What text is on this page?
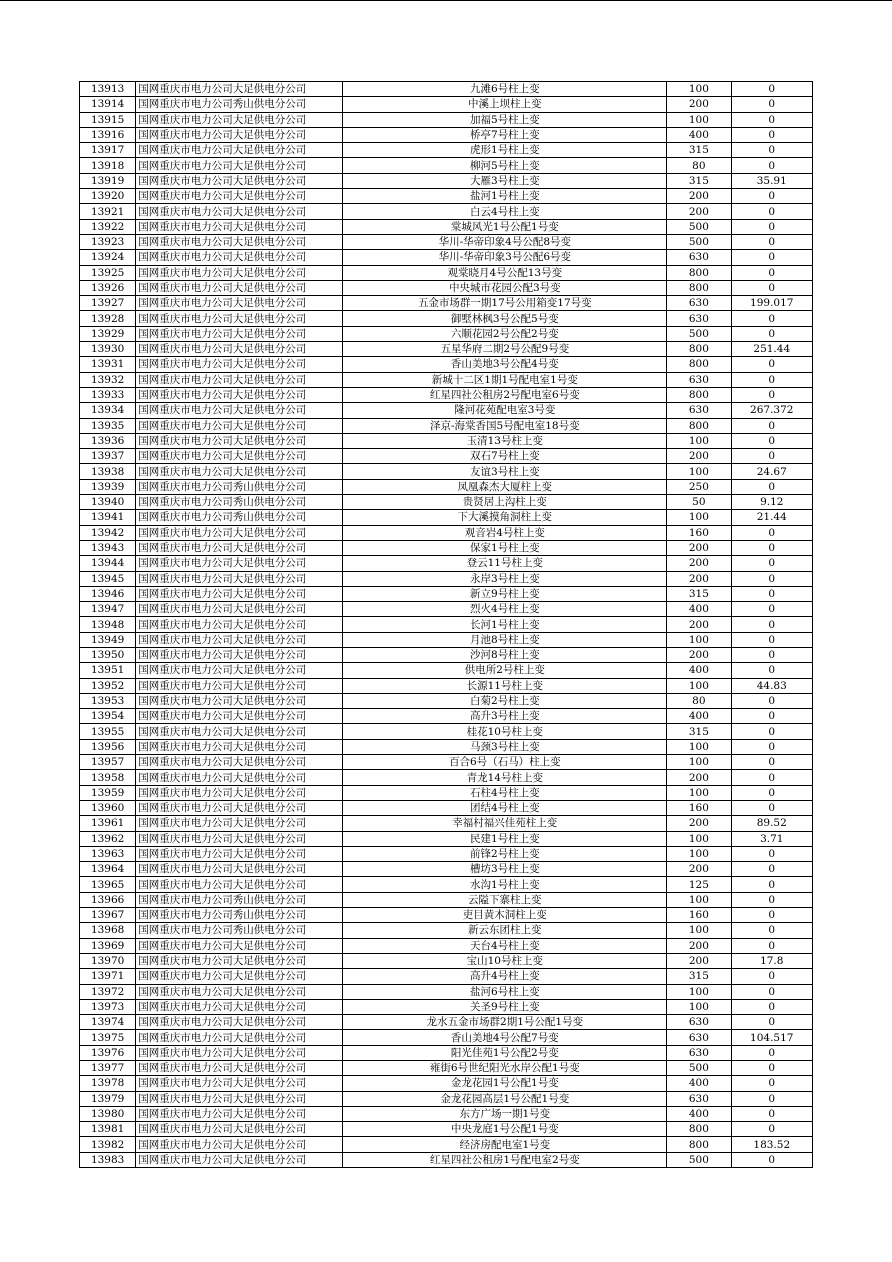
13913	国网重庆市电力公司大足供电分公司	九滩6号柱上变	100	0
13914	国网重庆市电力公司秀山供电分公司	中溪上坝柱上变	200	0
13915	国网重庆市电力公司大足供电分公司	加福5号柱上变	100	0
13916	国网重庆市电力公司大足供电分公司	桥亭7号柱上变	400	0
13917	国网重庆市电力公司大足供电分公司	虎形1号柱上变	315	0
13918	国网重庆市电力公司大足供电分公司	柳河5号柱上变	80	0
13919	国网重庆市电力公司大足供电分公司	大雁3号柱上变	315	35.91
13920	国网重庆市电力公司大足供电分公司	盐河1号柱上变	200	0
13921	国网重庆市电力公司大足供电分公司	白云4号柱上变	200	0
13922	国网重庆市电力公司大足供电分公司	棠城风光1号公配1号变	500	0
13923	国网重庆市电力公司大足供电分公司	华川-华帝印象4号公配8号变	500	0
13924	国网重庆市电力公司大足供电分公司	华川-华帝印象3号公配6号变	630	0
13925	国网重庆市电力公司大足供电分公司	观棠晓月4号公配13号变	800	0
13926	国网重庆市电力公司大足供电分公司	中央城市花园公配3号变	800	0
13927	国网重庆市电力公司大足供电分公司	五金市场群一期17号公用箱变17号变	630	199.017
13928	国网重庆市电力公司大足供电分公司	御墅林枫3号公配5号变	630	0
13929	国网重庆市电力公司大足供电分公司	六顺花园2号公配2号变	500	0
13930	国网重庆市电力公司大足供电分公司	五星华府二期2号公配9号变	800	251.44
13931	国网重庆市电力公司大足供电分公司	香山美地3号公配4号变	800	0
13932	国网重庆市电力公司大足供电分公司	新城十二区1期1号配电室1号变	630	0
13933	国网重庆市电力公司大足供电分公司	红星四社公租房2号配电室6号变	800	0
13934	国网重庆市电力公司大足供电分公司	隆河花苑配电室3号变	630	267.372
13935	国网重庆市电力公司大足供电分公司	泽京-海棠香国5号配电室18号变	800	0
13936	国网重庆市电力公司大足供电分公司	玉清13号柱上变	100	0
13937	国网重庆市电力公司大足供电分公司	双石7号柱上变	200	0
13938	国网重庆市电力公司大足供电分公司	友谊3号柱上变	100	24.67
13939	国网重庆市电力公司秀山供电分公司	凤凰森杰大厦柱上变	250	0
13940	国网重庆市电力公司秀山供电分公司	贵贤居上沟柱上变	50	9.12
13941	国网重庆市电力公司秀山供电分公司	下大溪摸角洞柱上变	100	21.44
13942	国网重庆市电力公司大足供电分公司	观音岩4号柱上变	160	0
13943	国网重庆市电力公司大足供电分公司	保家1号柱上变	200	0
13944	国网重庆市电力公司大足供电分公司	登云11号柱上变	200	0
13945	国网重庆市电力公司大足供电分公司	永岸3号柱上变	200	0
13946	国网重庆市电力公司大足供电分公司	新立9号柱上变	315	0
13947	国网重庆市电力公司大足供电分公司	烈火4号柱上变	400	0
13948	国网重庆市电力公司大足供电分公司	长河1号柱上变	200	0
13949	国网重庆市电力公司大足供电分公司	月池8号柱上变	100	0
13950	国网重庆市电力公司大足供电分公司	沙河8号柱上变	200	0
13951	国网重庆市电力公司大足供电分公司	供电所2号柱上变	400	0
13952	国网重庆市电力公司大足供电分公司	长源11号柱上变	100	44.83
13953	国网重庆市电力公司大足供电分公司	白菊2号柱上变	80	0
13954	国网重庆市电力公司大足供电分公司	高升3号柱上变	400	0
13955	国网重庆市电力公司大足供电分公司	桂花10号柱上变	315	0
13956	国网重庆市电力公司大足供电分公司	马颈3号柱上变	100	0
13957	国网重庆市电力公司大足供电分公司	百合6号（石马）柱上变	100	0
13958	国网重庆市电力公司大足供电分公司	青龙14号柱上变	200	0
13959	国网重庆市电力公司大足供电分公司	石柱4号柱上变	100	0
13960	国网重庆市电力公司大足供电分公司	团结4号柱上变	160	0
13961	国网重庆市电力公司大足供电分公司	幸福村福兴佳苑柱上变	200	89.52
13962	国网重庆市电力公司大足供电分公司	民建1号柱上变	100	3.71
13963	国网重庆市电力公司大足供电分公司	前锋2号柱上变	100	0
13964	国网重庆市电力公司大足供电分公司	槽坊3号柱上变	200	0
13965	国网重庆市电力公司大足供电分公司	水沟1号柱上变	125	0
13966	国网重庆市电力公司秀山供电分公司	云隘下寨柱上变	100	0
13967	国网重庆市电力公司秀山供电分公司	吏目黄木洞柱上变	160	0
13968	国网重庆市电力公司秀山供电分公司	新云东团柱上变	100	0
13969	国网重庆市电力公司大足供电分公司	天台4号柱上变	200	0
13970	国网重庆市电力公司大足供电分公司	宝山10号柱上变	200	17.8
13971	国网重庆市电力公司大足供电分公司	高升4号柱上变	315	0
13972	国网重庆市电力公司大足供电分公司	盐河6号柱上变	100	0
13973	国网重庆市电力公司大足供电分公司	关圣9号柱上变	100	0
13974	国网重庆市电力公司大足供电分公司	龙水五金市场群2期1号公配1号变	630	0
13975	国网重庆市电力公司大足供电分公司	香山美地4号公配7号变	630	104.517
13976	国网重庆市电力公司大足供电分公司	阳光佳苑1号公配2号变	630	0
13977	国网重庆市电力公司大足供电分公司	雍街6号世纪阳光水岸公配1号变	500	0
13978	国网重庆市电力公司大足供电分公司	金龙花园1号公配1号变	400	0
13979	国网重庆市电力公司大足供电分公司	金龙花园高层1号公配1号变	630	0
13980	国网重庆市电力公司大足供电分公司	东方广场一期1号变	400	0
13981	国网重庆市电力公司大足供电分公司	中央龙庭1号公配1号变	800	0
13982	国网重庆市电力公司大足供电分公司	经济房配电室1号变	800	183.52
13983	国网重庆市电力公司大足供电分公司	红星四社公租房1号配电室2号变	500	0
